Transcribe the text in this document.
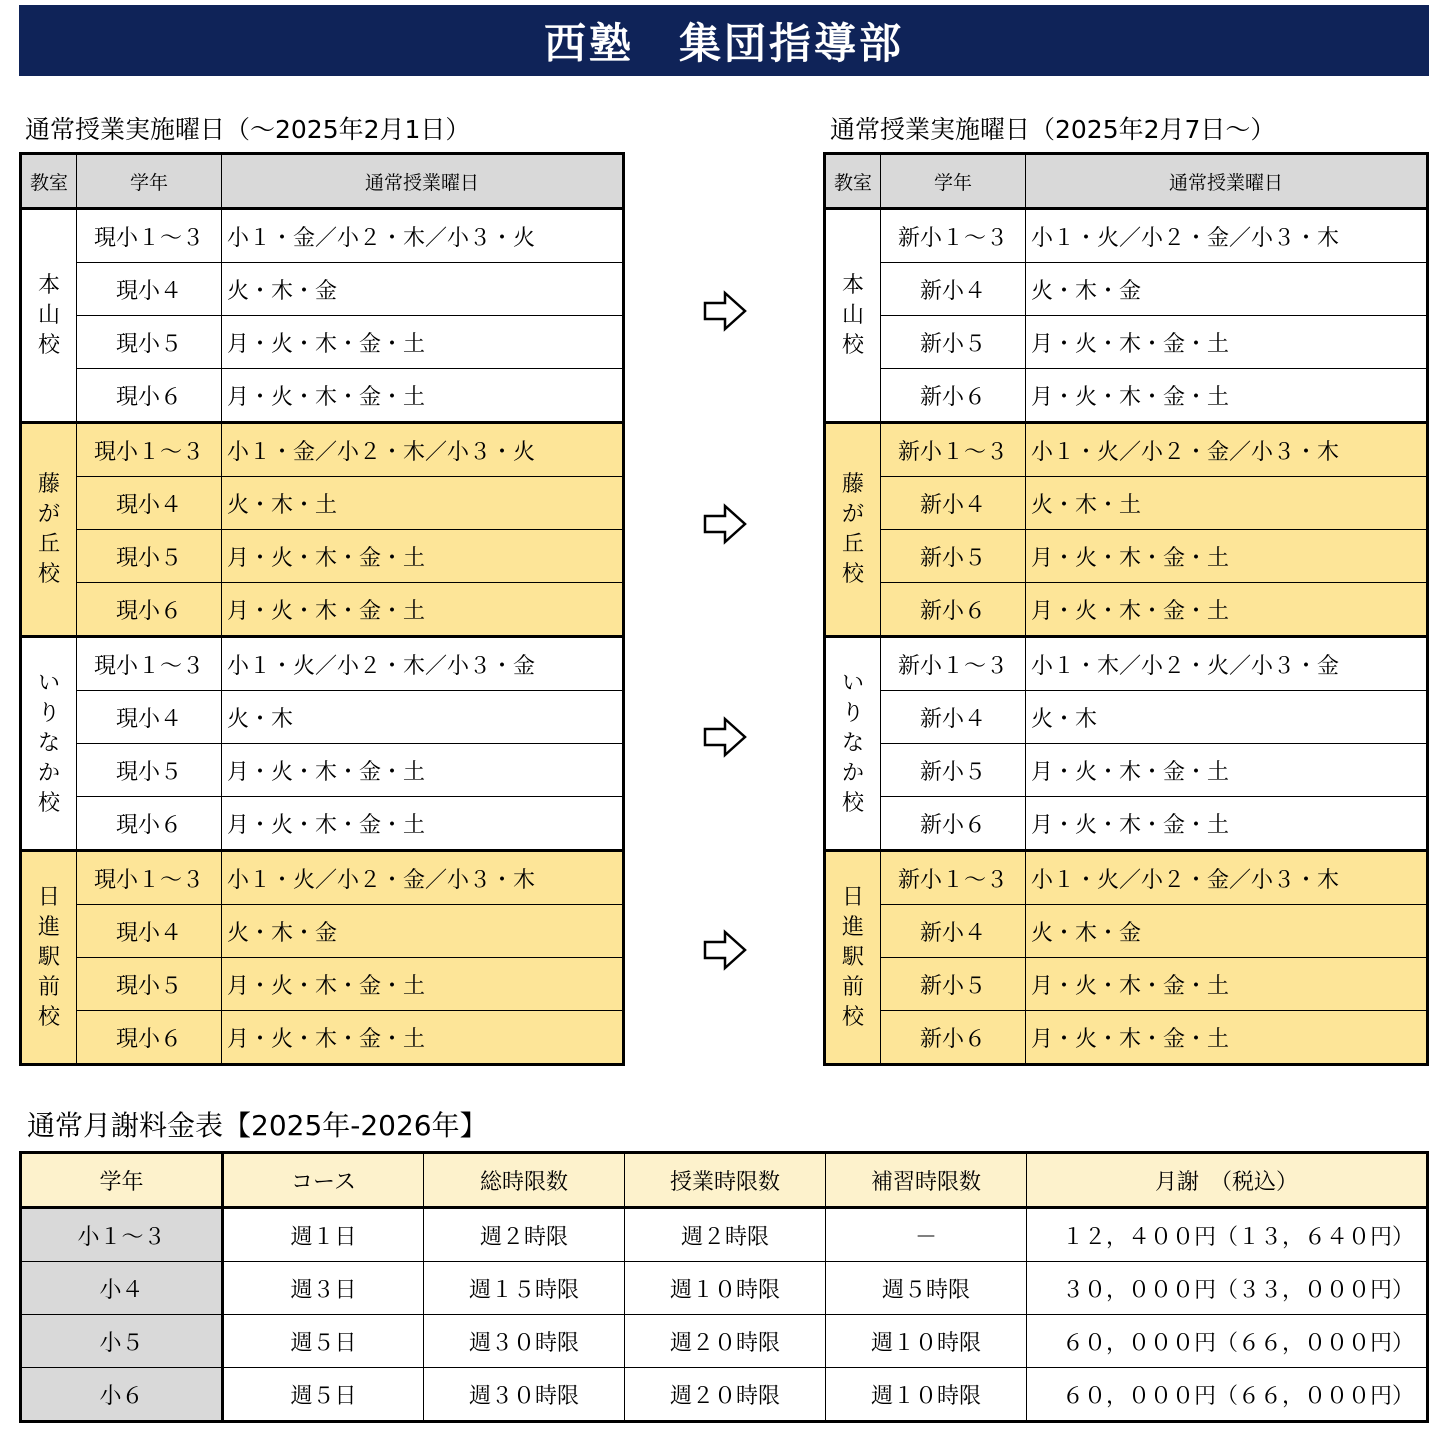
西塾　集団指導部
通常授業実施曜日（～2025年2月1日）	通常授業実施曜日（2025年2月7日～）
教室	学年	通常授業曜日
本山校	現小１～３	小１・金／小２・木／小３・火
	現小４	火・木・金
	現小５	月・火・木・金・土
	現小６	月・火・木・金・土
藤が丘校	現小１～３	小１・金／小２・木／小３・火
	現小４	火・木・土
	現小５	月・火・木・金・土
	現小６	月・火・木・金・土
いりなか校	現小１～３	小１・火／小２・木／小３・金
	現小４	火・木
	現小５	月・火・木・金・土
	現小６	月・火・木・金・土
日進駅前校	現小１～３	小１・火／小２・金／小３・木
	現小４	火・木・金
	現小５	月・火・木・金・土
	現小６	月・火・木・金・土
教室	学年	通常授業曜日
本山校	新小１～３	小１・火／小２・金／小３・木
	新小４	火・木・金
	新小５	月・火・木・金・土
	新小６	月・火・木・金・土
藤が丘校	新小１～３	小１・火／小２・金／小３・木
	新小４	火・木・土
	新小５	月・火・木・金・土
	新小６	月・火・木・金・土
いりなか校	新小１～３	小１・木／小２・火／小３・金
	新小４	火・木
	新小５	月・火・木・金・土
	新小６	月・火・木・金・土
日進駅前校	新小１～３	小１・火／小２・金／小３・木
	新小４	火・木・金
	新小５	月・火・木・金・土
	新小６	月・火・木・金・土
通常月謝料金表【2025年-2026年】
学年	コース	総時限数	授業時限数	補習時限数	月謝　（税込）
小１～３	週１日	週２時限	週２時限	－	１２，４００円（１３，６４０円）
小４	週３日	週１５時限	週１０時限	週５時限	３０，０００円（３３，０００円）
小５	週５日	週３０時限	週２０時限	週１０時限	６０，０００円（６６，０００円）
小６	週５日	週３０時限	週２０時限	週１０時限	６０，０００円（６６，０００円）
